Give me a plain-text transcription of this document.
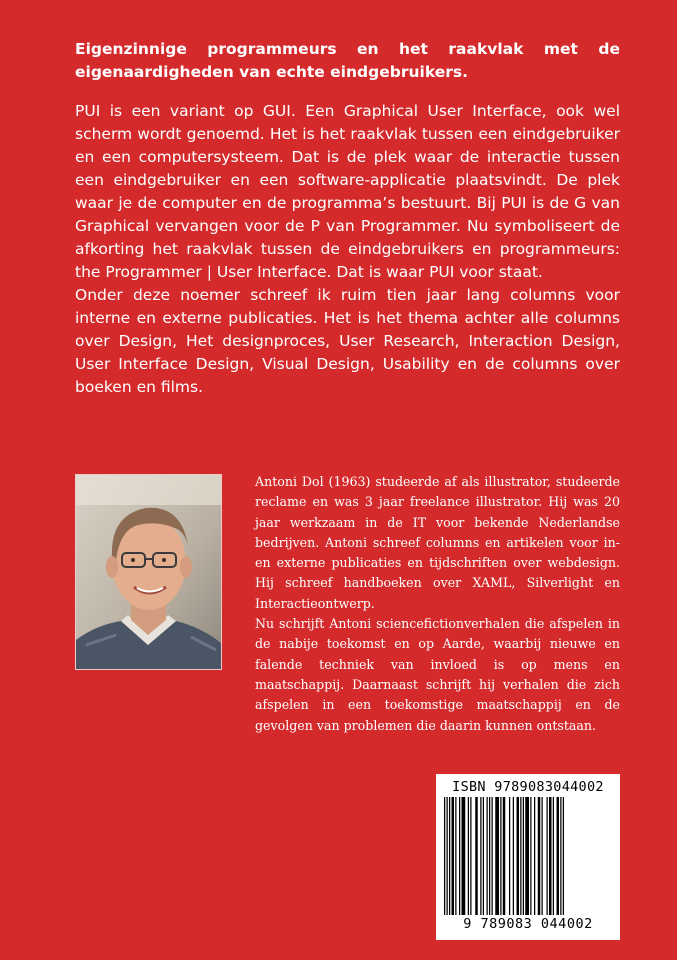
Eigenzinnige programmeurs en het raakvlak met de eigenaardigheden van echte eindgebruikers.

PUI is een variant op GUI. Een Graphical User Interface, ook wel scherm wordt genoemd. Het is het raakvlak tussen een eindgebruiker en een computersysteem. Dat is de plek waar de interactie tussen een eindgebruiker en een software-applicatie plaatsvindt. De plek waar je de computer en de programma’s bestuurt. Bij PUI is de G van Graphical vervangen voor de P van Programmer. Nu symboliseert de afkorting het raakvlak tussen de eindgebruikers en programmeurs: the Programmer | User Interface. Dat is waar PUI voor staat.

Onder deze noemer schreef ik ruim tien jaar lang columns voor interne en externe publicaties. Het is het thema achter alle columns over Design, Het designproces, User Research, Interaction Design, User Interface Design, Visual Design, Usability en de columns over boeken en films.

Antoni Dol (1963) studeerde af als illustrator, studeerde reclame en was 3 jaar freelance illustrator. Hij was 20 jaar werkzaam in de IT voor bekende Nederlandse bedrijven. Antoni schreef columns en artikelen voor in- en externe publicaties en tijdschriften over webdesign. Hij schreef handboeken over XAML, Silverlight en Interactieontwerp.

Nu schrijft Antoni sciencefictionverhalen die afspelen in de nabije toekomst en op Aarde, waarbij nieuwe en falende techniek van invloed is op mens en maatschappij. Daarnaast schrijft hij verhalen die zich afspelen in een toekomstige maatschappij en de gevolgen van problemen die daarin kunnen ontstaan.

ISBN 9789083044002
9 789083 044002
